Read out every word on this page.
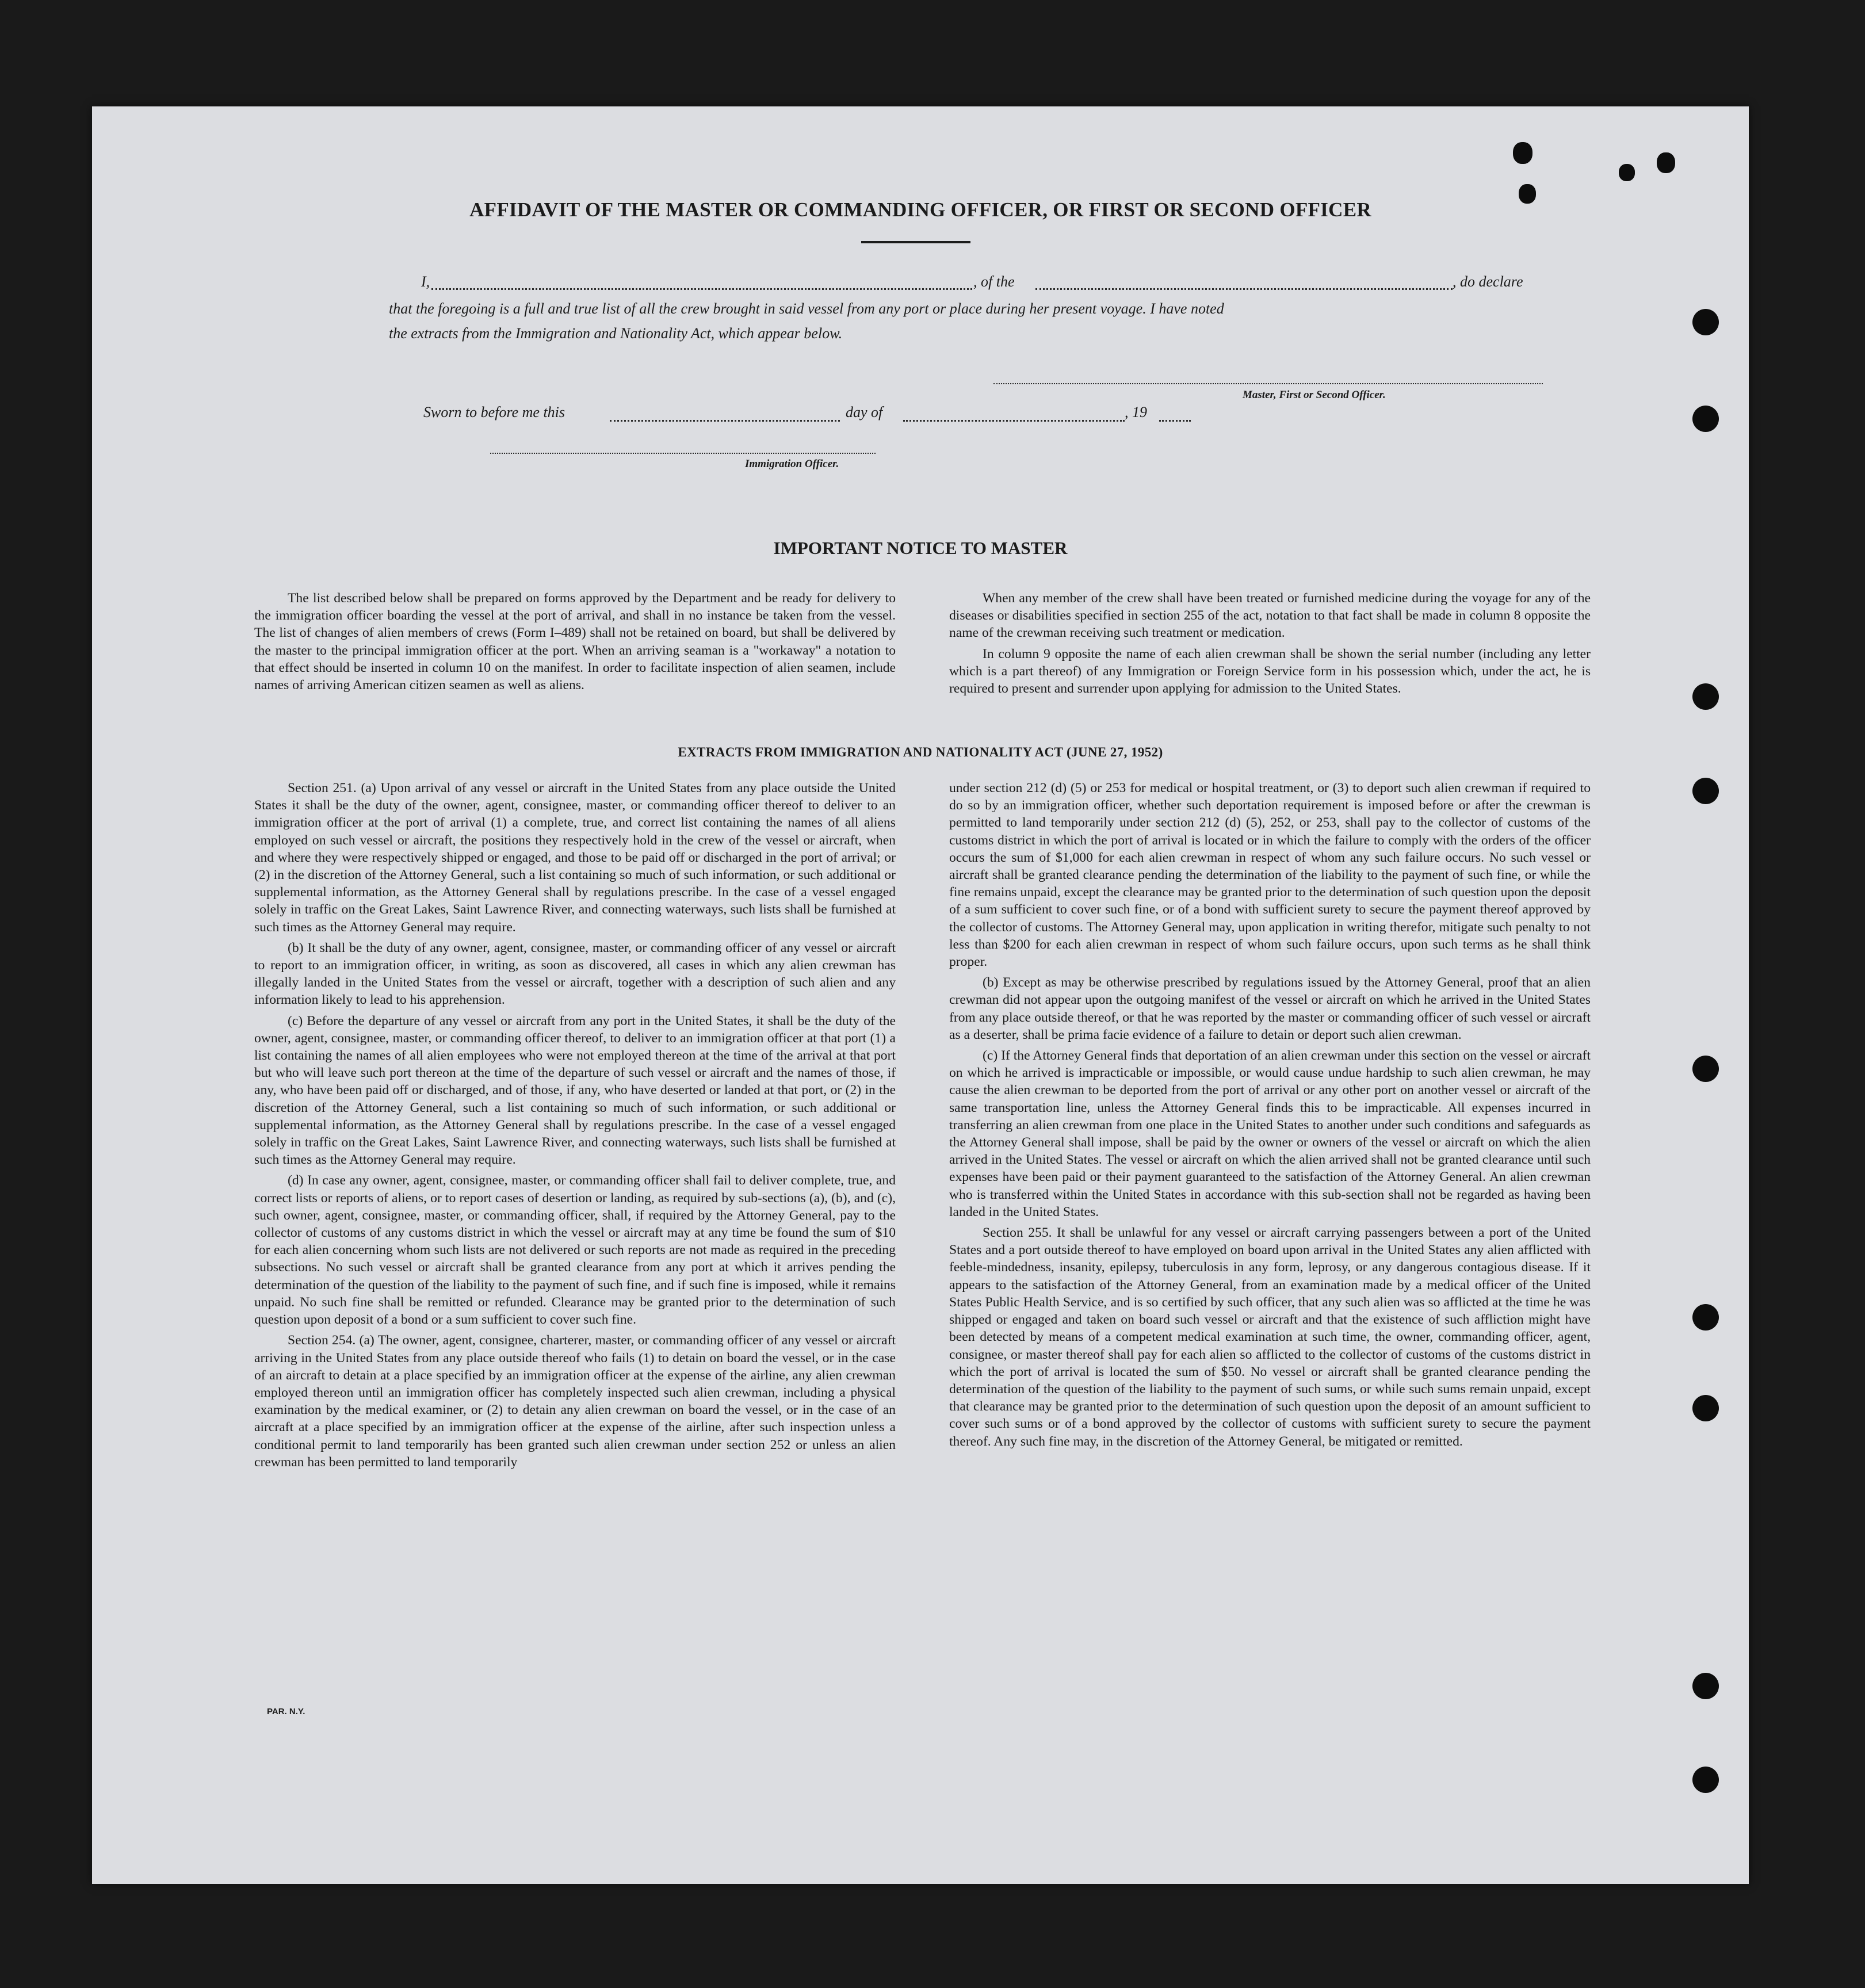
AFFIDAVIT OF THE MASTER OR COMMANDING OFFICER, OR FIRST OR SECOND OFFICER
I,	, of the	, do declare
that the foregoing is a full and true list of all the crew brought in said vessel from any port or place during her present voyage. I have noted
the extracts from the Immigration and Nationality Act, which appear below.
Master, First or Second Officer.
Sworn to before me this	day of	, 19
Immigration Officer.
IMPORTANT NOTICE TO MASTER

The list described below shall be prepared on forms approved by the Department and be ready for delivery to the immigration officer boarding the vessel at the port of arrival, and shall in no instance be taken from the vessel. The list of changes of alien members of crews (Form I–489) shall not be retained on board, but shall be delivered by the master to the principal immigration officer at the port. When an arriving seaman is a "workaway" a notation to that effect should be inserted in column 10 on the manifest. In order to facilitate inspection of alien seamen, include names of arriving American citizen seamen as well as aliens.

When any member of the crew shall have been treated or furnished medicine during the voyage for any of the diseases or disabilities specified in section 255 of the act, notation to that fact shall be made in column 8 opposite the name of the crewman receiving such treatment or medication.

In column 9 opposite the name of each alien crewman shall be shown the serial number (including any letter which is a part thereof) of any Immigration or Foreign Service form in his possession which, under the act, he is required to present and surrender upon applying for admission to the United States.

EXTRACTS FROM IMMIGRATION AND NATIONALITY ACT (JUNE 27, 1952)

Section 251. (a) Upon arrival of any vessel or aircraft in the United States from any place outside the United States it shall be the duty of the owner, agent, consignee, master, or commanding officer thereof to deliver to an immigration officer at the port of arrival (1) a complete, true, and correct list containing the names of all aliens employed on such vessel or aircraft, the positions they respectively hold in the crew of the vessel or aircraft, when and where they were respectively shipped or engaged, and those to be paid off or discharged in the port of arrival; or (2) in the discretion of the Attorney General, such a list containing so much of such information, or such additional or supplemental information, as the Attorney General shall by regulations prescribe. In the case of a vessel engaged solely in traffic on the Great Lakes, Saint Lawrence River, and connecting waterways, such lists shall be furnished at such times as the Attorney General may require.

(b) It shall be the duty of any owner, agent, consignee, master, or commanding officer of any vessel or aircraft to report to an immigration officer, in writing, as soon as discovered, all cases in which any alien crewman has illegally landed in the United States from the vessel or aircraft, together with a description of such alien and any information likely to lead to his apprehension.

(c) Before the departure of any vessel or aircraft from any port in the United States, it shall be the duty of the owner, agent, consignee, master, or commanding officer thereof, to deliver to an immigration officer at that port (1) a list containing the names of all alien employees who were not employed thereon at the time of the arrival at that port but who will leave such port thereon at the time of the departure of such vessel or aircraft and the names of those, if any, who have been paid off or discharged, and of those, if any, who have deserted or landed at that port, or (2) in the discretion of the Attorney General, such a list containing so much of such information, or such additional or supplemental information, as the Attorney General shall by regulations prescribe. In the case of a vessel engaged solely in traffic on the Great Lakes, Saint Lawrence River, and connecting waterways, such lists shall be furnished at such times as the Attorney General may require.

(d) In case any owner, agent, consignee, master, or commanding officer shall fail to deliver complete, true, and correct lists or reports of aliens, or to report cases of desertion or landing, as required by sub-sections (a), (b), and (c), such owner, agent, consignee, master, or commanding officer, shall, if required by the Attorney General, pay to the collector of customs of any customs district in which the vessel or aircraft may at any time be found the sum of $10 for each alien concerning whom such lists are not delivered or such reports are not made as required in the preceding subsections. No such vessel or aircraft shall be granted clearance from any port at which it arrives pending the determination of the question of the liability to the payment of such fine, and if such fine is imposed, while it remains unpaid. No such fine shall be remitted or refunded. Clearance may be granted prior to the determination of such question upon deposit of a bond or a sum sufficient to cover such fine.

Section 254. (a) The owner, agent, consignee, charterer, master, or commanding officer of any vessel or aircraft arriving in the United States from any place outside thereof who fails (1) to detain on board the vessel, or in the case of an aircraft to detain at a place specified by an immigration officer at the expense of the airline, any alien crewman employed thereon until an immigration officer has completely inspected such alien crewman, including a physical examination by the medical examiner, or (2) to detain any alien crewman on board the vessel, or in the case of an aircraft at a place specified by an immigration officer at the expense of the airline, after such inspection unless a conditional permit to land temporarily has been granted such alien crewman under section 252 or unless an alien crewman has been permitted to land temporarily

under section 212 (d) (5) or 253 for medical or hospital treatment, or (3) to deport such alien crewman if required to do so by an immigration officer, whether such deportation requirement is imposed before or after the crewman is permitted to land temporarily under section 212 (d) (5), 252, or 253, shall pay to the collector of customs of the customs district in which the port of arrival is located or in which the failure to comply with the orders of the officer occurs the sum of $1,000 for each alien crewman in respect of whom any such failure occurs. No such vessel or aircraft shall be granted clearance pending the determination of the liability to the payment of such fine, or while the fine remains unpaid, except the clearance may be granted prior to the determination of such question upon the deposit of a sum sufficient to cover such fine, or of a bond with sufficient surety to secure the payment thereof approved by the collector of customs. The Attorney General may, upon application in writing therefor, mitigate such penalty to not less than $200 for each alien crewman in respect of whom such failure occurs, upon such terms as he shall think proper.

(b) Except as may be otherwise prescribed by regulations issued by the Attorney General, proof that an alien crewman did not appear upon the outgoing manifest of the vessel or aircraft on which he arrived in the United States from any place outside thereof, or that he was reported by the master or commanding officer of such vessel or aircraft as a deserter, shall be prima facie evidence of a failure to detain or deport such alien crewman.

(c) If the Attorney General finds that deportation of an alien crewman under this section on the vessel or aircraft on which he arrived is impracticable or impossible, or would cause undue hardship to such alien crewman, he may cause the alien crewman to be deported from the port of arrival or any other port on another vessel or aircraft of the same transportation line, unless the Attorney General finds this to be impracticable. All expenses incurred in transferring an alien crewman from one place in the United States to another under such conditions and safeguards as the Attorney General shall impose, shall be paid by the owner or owners of the vessel or aircraft on which the alien arrived in the United States. The vessel or aircraft on which the alien arrived shall not be granted clearance until such expenses have been paid or their payment guaranteed to the satisfaction of the Attorney General. An alien crewman who is transferred within the United States in accordance with this sub-section shall not be regarded as having been landed in the United States.

Section 255. It shall be unlawful for any vessel or aircraft carrying passengers between a port of the United States and a port outside thereof to have employed on board upon arrival in the United States any alien afflicted with feeble-mindedness, insanity, epilepsy, tuberculosis in any form, leprosy, or any dangerous contagious disease. If it appears to the satisfaction of the Attorney General, from an examination made by a medical officer of the United States Public Health Service, and is so certified by such officer, that any such alien was so afflicted at the time he was shipped or engaged and taken on board such vessel or aircraft and that the existence of such affliction might have been detected by means of a competent medical examination at such time, the owner, commanding officer, agent, consignee, or master thereof shall pay for each alien so afflicted to the collector of customs of the customs district in which the port of arrival is located the sum of $50. No vessel or aircraft shall be granted clearance pending the determination of the question of the liability to the payment of such sums, or while such sums remain unpaid, except that clearance may be granted prior to the determination of such question upon the deposit of an amount sufficient to cover such sums or of a bond approved by the collector of customs with sufficient surety to secure the payment thereof. Any such fine may, in the discretion of the Attorney General, be mitigated or remitted.

PAR. N.Y.
